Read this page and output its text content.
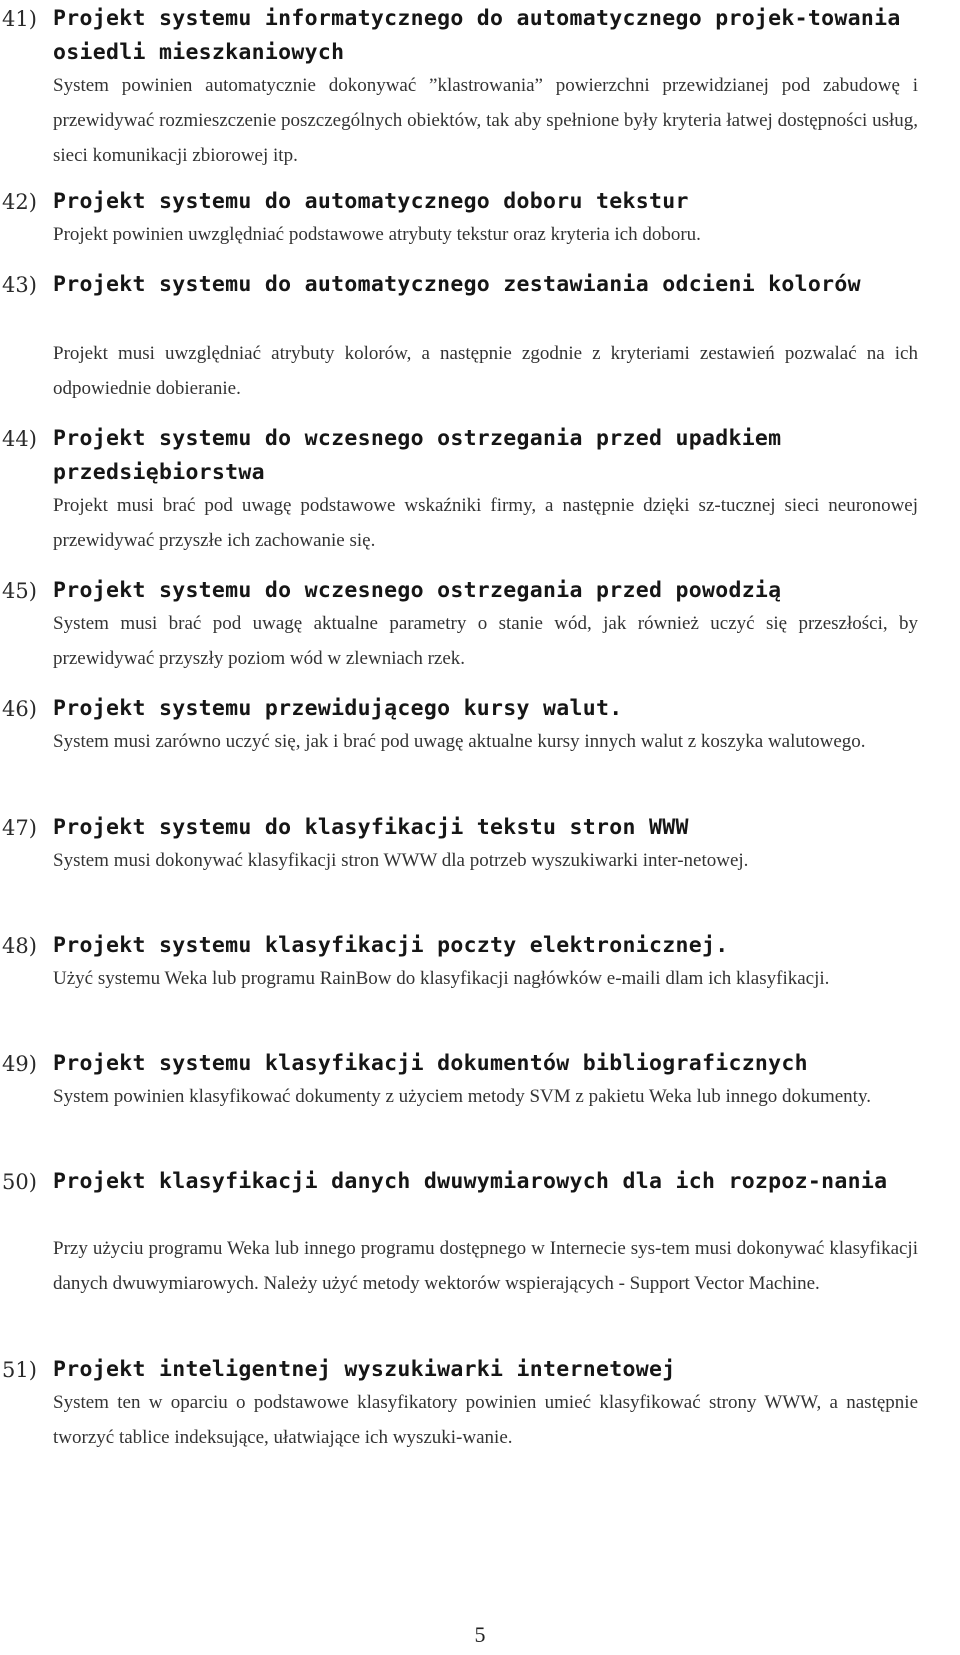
41) Projekt systemu informatycznego do automatycznego projek-towania osiedli mieszkaniowych
System powinien automatycznie dokonywać ”klastrowania” powierzchni przewidzianej pod zabudowę i przewidywać rozmieszczenie poszczególnych obiektów, tak aby spełnione były kryteria łatwej dostępności usług, sieci komunikacji zbiorowej itp.
42) Projekt systemu do automatycznego doboru tekstur
Projekt powinien uwzględniać podstawowe atrybuty tekstur oraz kryteria ich doboru.
43) Projekt systemu do automatycznego zestawiania odcieni kolorów
Projekt musi uwzględniać atrybuty kolorów, a następnie zgodnie z kryteriami zestawień pozwalać na ich odpowiednie dobieranie.
44) Projekt systemu do wczesnego ostrzegania przed upadkiem przedsiębiorstwa
Projekt musi brać pod uwagę podstawowe wskaźniki firmy, a następnie dzięki sz-tucznej sieci neuronowej przewidywać przyszłe ich zachowanie się.
45) Projekt systemu do wczesnego ostrzegania przed powodzią
System musi brać pod uwagę aktualne parametry o stanie wód, jak również uczyć się przeszłości, by przewidywać przyszły poziom wód w zlewniach rzek.
46) Projekt systemu przewidującego kursy walut.
System musi zarówno uczyć się, jak i brać pod uwagę aktualne kursy innych walut z koszyka walutowego.
47) Projekt systemu do klasyfikacji tekstu stron WWW
System musi dokonywać klasyfikacji stron WWW dla potrzeb wyszukiwarki inter-netowej.
48) Projekt systemu klasyfikacji poczty elektronicznej.
Użyć systemu Weka lub programu RainBow do klasyfikacji nagłówków e-maili dlam ich klasyfikacji.
49) Projekt systemu klasyfikacji dokumentów bibliograficznych
System powinien klasyfikować dokumenty z użyciem metody SVM z pakietu Weka lub innego dokumenty.
50) Projekt klasyfikacji danych dwuwymiarowych dla ich rozpoz-nania
Przy użyciu programu Weka lub innego programu dostępnego w Internecie sys-tem musi dokonywać klasyfikacji danych dwuwymiarowych. Należy użyć metody wektorów wspierających - Support Vector Machine.
51) Projekt inteligentnej wyszukiwarki internetowej
System ten w oparciu o podstawowe klasyfikatory powinien umieć klasyfikować strony WWW, a następnie tworzyć tablice indeksujące, ułatwiające ich wyszuki-wanie.
5
